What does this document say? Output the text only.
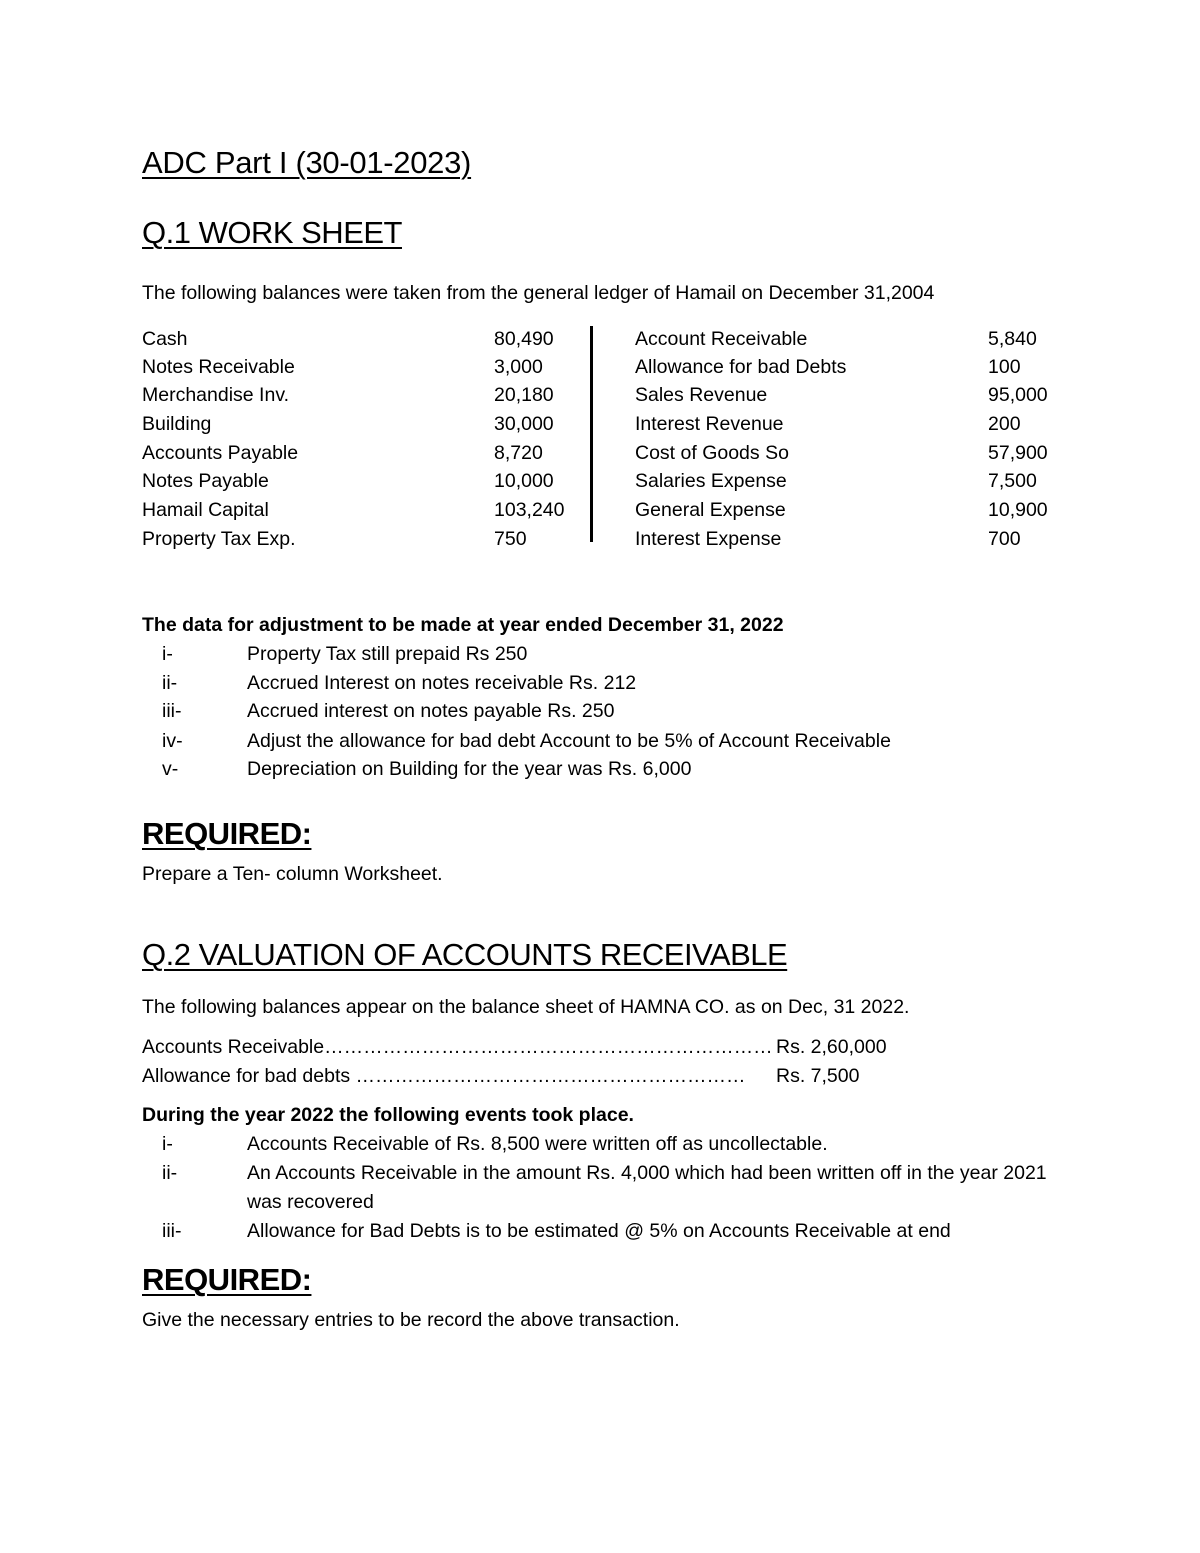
ADC Part I (30-01-2023)
Q.1 WORK SHEET
The following balances were taken from the general ledger of Hamail on December 31,2004
Cash	80,490	Account Receivable	5,840
Notes Receivable	3,000	Allowance for bad Debts	100
Merchandise Inv.	20,180	Sales Revenue	95,000
Building	30,000	Interest Revenue	200
Accounts Payable	8,720	Cost of Goods So	57,900
Notes Payable	10,000	Salaries Expense	7,500
Hamail Capital	103,240	General Expense	10,900
Property Tax Exp.	750	Interest Expense	700
The data for adjustment to be made at year ended December 31, 2022
i-	Property Tax still prepaid Rs 250
ii-	Accrued Interest on notes receivable Rs. 212
iii-	Accrued interest on notes payable Rs. 250
iv-	Adjust the allowance for bad debt Account to be 5% of Account Receivable
v-	Depreciation on Building for the year was Rs. 6,000
REQUIRED:
Prepare a Ten- column Worksheet.
Q.2 VALUATION OF ACCOUNTS RECEIVABLE
The following balances appear on the balance sheet of HAMNA CO. as on Dec, 31 2022.
Accounts Receivable…………………………………………………………… Rs. 2,60,000
Allowance for bad debts …………………………………………………… Rs. 7,500
During the year 2022 the following events took place.
i-	Accounts Receivable of Rs. 8,500 were written off as uncollectable.
ii-	An Accounts Receivable in the amount Rs. 4,000 which had been written off in the year 2021 was recovered
iii-	Allowance for Bad Debts is to be estimated @ 5% on Accounts Receivable at end
REQUIRED:
Give the necessary entries to be record the above transaction.
